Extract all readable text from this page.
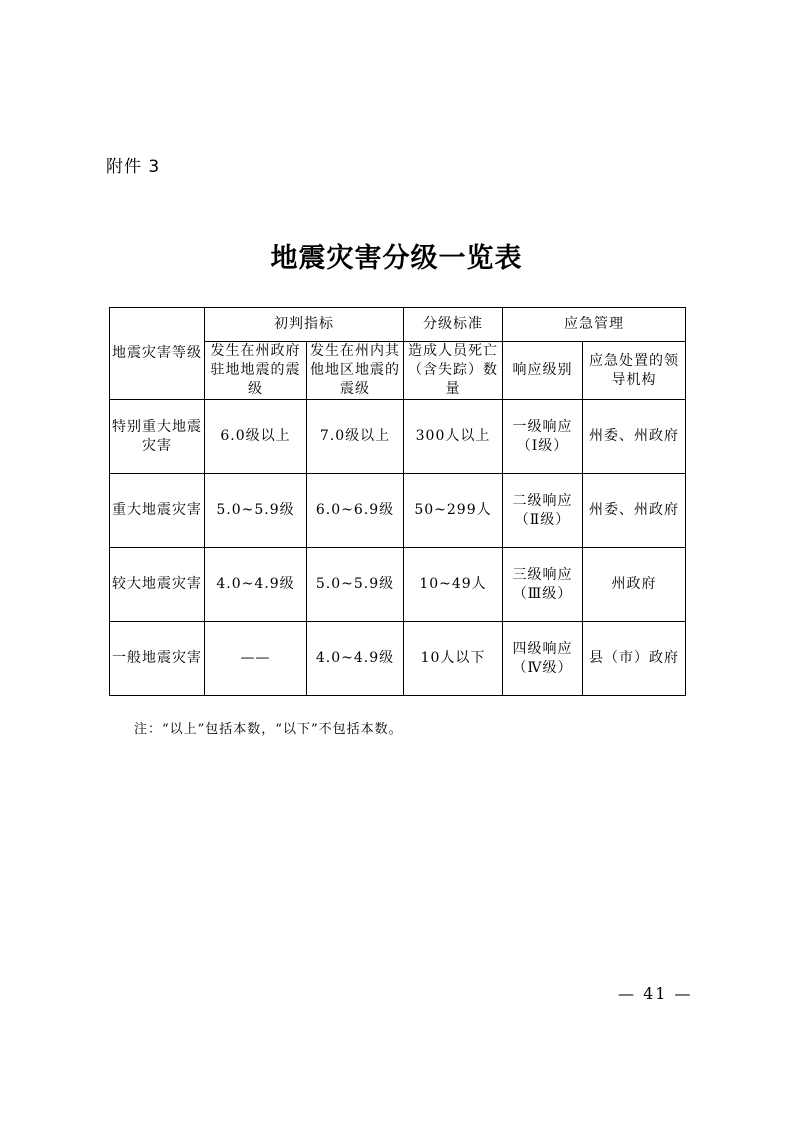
附件 3
地震灾害分级一览表
地震灾害等级	初判指标		分级标准	应急管理	
	发生在州政府驻地地震的震级	发生在州内其他地区地震的震级	造成人员死亡（含失踪）数量	响应级别	应急处置的领导机构
特别重大地震灾害	6.0级以上	7.0级以上	300人以上	一级响应（Ⅰ级）	州委、州政府
重大地震灾害	5.0~5.9级	6.0~6.9级	50~299人	二级响应（Ⅱ级）	州委、州政府
较大地震灾害	4.0~4.9级	5.0~5.9级	10~49人	三级响应（Ⅲ级）	州政府
一般地震灾害	——	4.0~4.9级	10人以下	四级响应（Ⅳ级）	县（市）政府
注：“以上”包括本数，“以下”不包括本数。
— 41 —
